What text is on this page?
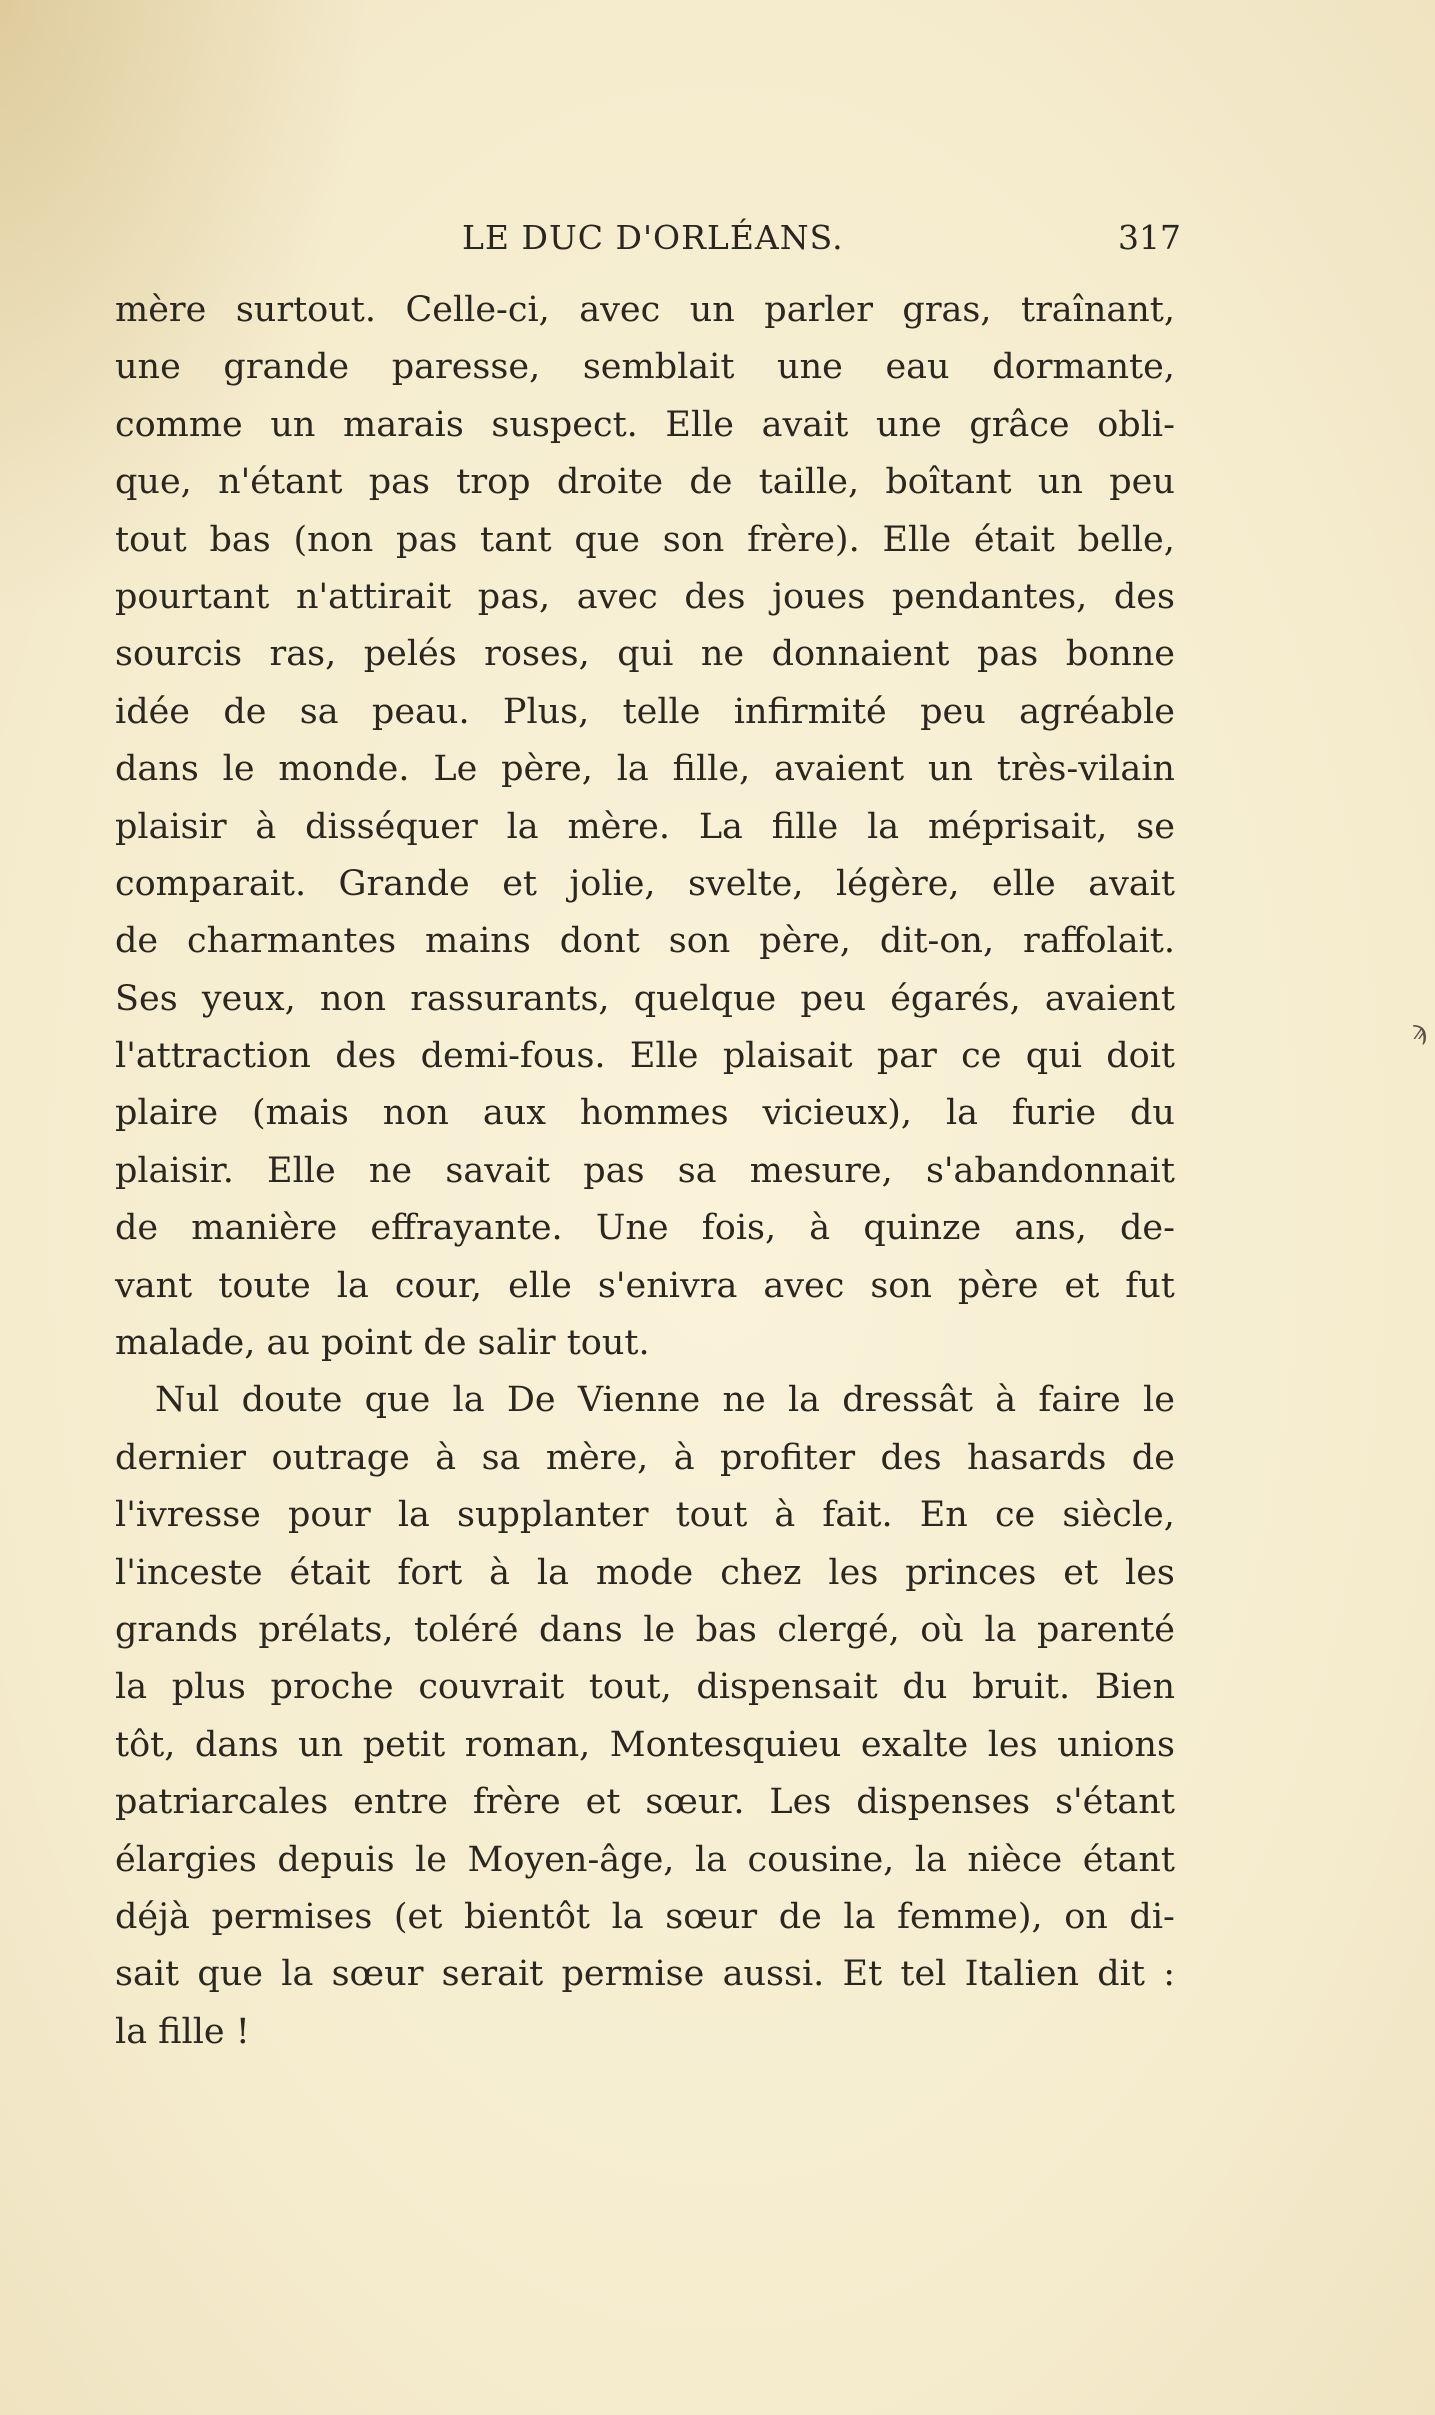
LE DUC D'ORLÉANS.	317
mère surtout. Celle-ci, avec un parler gras, traînant,
une grande paresse, semblait une eau dormante,
comme un marais suspect. Elle avait une grâce obli-
que, n'étant pas trop droite de taille, boîtant un peu
tout bas (non pas tant que son frère). Elle était belle,
pourtant n'attirait pas, avec des joues pendantes, des
sourcis ras, pelés roses, qui ne donnaient pas bonne
idée de sa peau. Plus, telle infirmité peu agréable
dans le monde. Le père, la fille, avaient un très-vilain
plaisir à disséquer la mère. La fille la méprisait, se
comparait. Grande et jolie, svelte, légère, elle avait
de charmantes mains dont son père, dit-on, raffolait.
Ses yeux, non rassurants, quelque peu égarés, avaient
l'attraction des demi-fous. Elle plaisait par ce qui doit
plaire (mais non aux hommes vicieux), la furie du
plaisir. Elle ne savait pas sa mesure, s'abandonnait
de manière effrayante. Une fois, à quinze ans, de-
vant toute la cour, elle s'enivra avec son père et fut
malade, au point de salir tout.
Nul doute que la De Vienne ne la dressât à faire le
dernier outrage à sa mère, à profiter des hasards de
l'ivresse pour la supplanter tout à fait. En ce siècle,
l'inceste était fort à la mode chez les princes et les
grands prélats, toléré dans le bas clergé, où la parenté
la plus proche couvrait tout, dispensait du bruit. Bien
tôt, dans un petit roman, Montesquieu exalte les unions
patriarcales entre frère et sœur. Les dispenses s'étant
élargies depuis le Moyen-âge, la cousine, la nièce étant
déjà permises (et bientôt la sœur de la femme), on di-
sait que la sœur serait permise aussi. Et tel Italien dit :
la fille !
ϡ
